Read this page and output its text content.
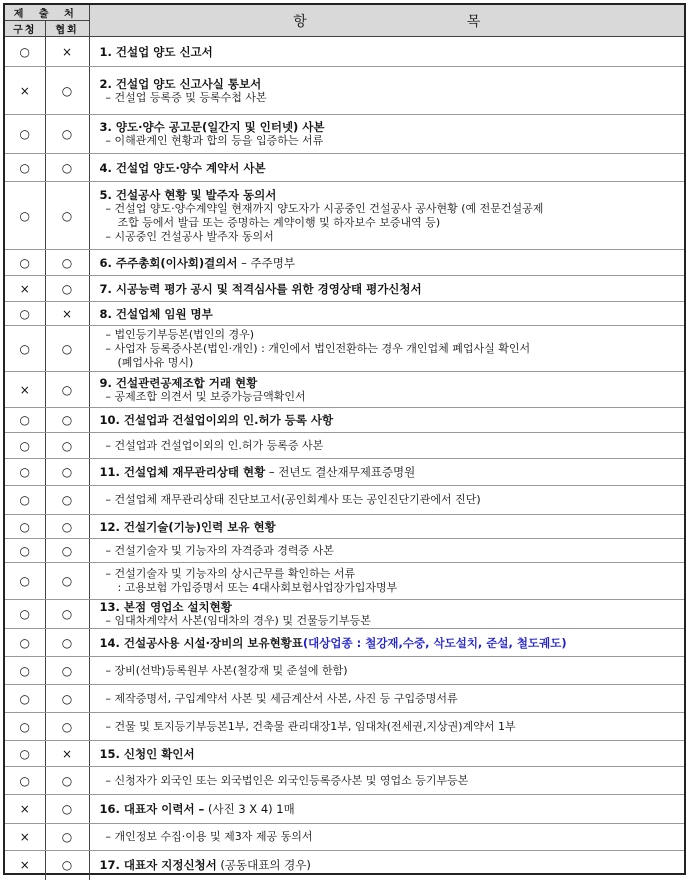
제 출 처		항 목
구청	협회	
○	×	1. 건설업 양도 신고서

×	○	2. 건설업 양도 신고사실 통보서
– 건설업 등록증 및 등록수첩 사본

○	○	3. 양도·양수 공고문(일간지 및 인터넷) 사본
– 이해관계인 현황과 합의 등을 입증하는 서류

○	○	4. 건설업 양도·양수 계약서 사본

○	○	5. 건설공사 현황 및 발주자 동의서
– 건설업 양도·양수계약일 현재까지 양도자가 시공중인 건설공사 공사현황 (예 전문건설공제
조합 등에서 발급 또는 증명하는 계약이행 및 하자보수 보증내역 등)
– 시공중인 건설공사 발주자 동의서

○	○	6. 주주총회(이사회)결의서 – 주주명부

×	○	7. 시공능력 평가 공시 및 적격심사를 위한 경영상태 평가신청서

○	×	8. 건설업체 임원 명부

○	○	– 법인등기부등본(법인의 경우)
– 사업자 등록증사본(법인·개인) : 개인에서 법인전환하는 경우 개인업체 폐업사실 확인서
(폐업사유 명시)

×	○	9. 건설관련공제조합 거래 현황
– 공제조합 의견서 및 보증가능금액확인서

○	○	10. 건설업과 건설업이외의 인.허가 등록 사항

○	○	– 건설업과 건설업이외의 인.허가 등록증 사본

○	○	11. 건설업체 재무관리상태 현황 – 전년도 결산재무제표증명원

○	○	– 건설업체 재무관리상태 진단보고서(공인회계사 또는 공인진단기관에서 진단)

○	○	12. 건설기술(기능)인력 보유 현황

○	○	– 건설기술자 및 기능자의 자격증과 경력증 사본

○	○	– 건설기술자 및 기능자의 상시근무를 확인하는 서류
: 고용보험 가입증명서 또는 4대사회보험사업장가입자명부

○	○	13. 본점 영업소 설치현황
– 임대차계약서 사본(임대차의 경우) 및 건물등기부등본

○	○	14. 건설공사용 시설·장비의 보유현황표(대상업종 : 철강재,수중, 삭도설치, 준설, 철도궤도)

○	○	– 장비(선박)등록원부 사본(철강재 및 준설에 한함)

○	○	– 제작증명서, 구입계약서 사본 및 세금계산서 사본, 사진 등 구입증명서류

○	○	– 건물 및 토지등기부등본1부, 건축물 관리대장1부, 임대차(전세권,지상권)계약서 1부

○	×	15. 신청인 확인서

○	○	– 신청자가 외국인 또는 외국법인은 외국인등록증사본 및 영업소 등기부등본

×	○	16. 대표자 이력서 – (사진 3 X 4) 1매

×	○	– 개인정보 수집·이용 및 제3자 제공 동의서

×	○	17. 대표자 지정신청서 (공동대표의 경우)
